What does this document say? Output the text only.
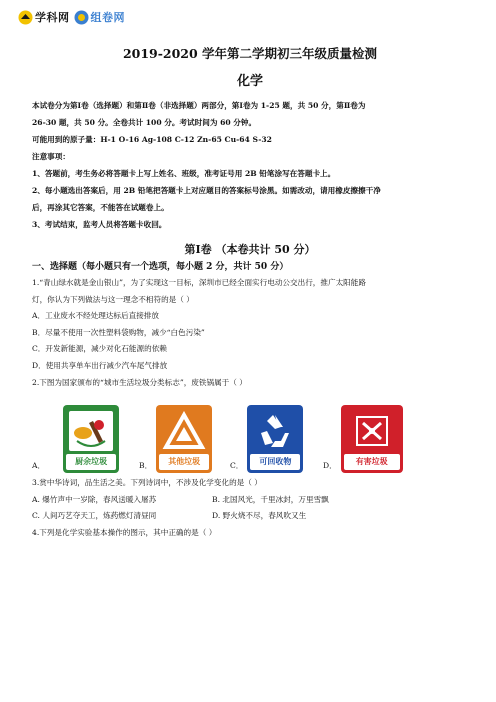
学科网 组卷网
2019-2020 学年第二学期初三年级质量检测
化学
本试卷分为第Ⅰ卷（选择题）和第Ⅱ卷（非选择题）两部分，第Ⅰ卷为 1-25 题，共 50 分，第Ⅱ卷为
26-30 题，共 50 分。全卷共计 100 分。考试时间为 60 分钟。
可能用到的原子量：H-1 O-16 Ag-108 C-12 Zn-65 Cu-64 S-32
注意事项：
1、答题前，考生务必将答题卡上写上姓名、班级，准考证号用 2B 铅笔涂写在答题卡上。
2、每小题选出答案后，用 2B 铅笔把答题卡上对应题目的答案标号涂黑。如需改动，请用橡皮擦擦干净
后，再涂其它答案，不能答在试题卷上。
3、考试结束，监考人员将答题卡收回。
第Ⅰ卷 （本卷共计 50 分）
一、选择题（每小题只有一个选项，每小题 2 分，共计 50 分）
1.“青山绿水就是金山银山”，为了实现这一目标，深圳市已经全面实行电动公交出行，推广太阳能路
灯，你认为下列做法与这一理念不相符的是（ ）
A．工业废水不经处理达标后直接排放
B．尽量不使用一次性塑料袋购物，减少“白色污染”
C．开发新能源，减少对化石能源的依赖
D．使用共享单车出行减少汽车尾气排放
2.下图为国家颁布的“城市生活垃圾分类标志”，废铁锅属于（ ）
A．	厨余垃圾	B．	其他垃圾	C．	可回收物	D．	有害垃圾
3.赏中华诗词，品生活之美。下列诗词中，不涉及化学变化的是（ ）
A. 爆竹声中一岁除，春风送暖入屠苏	B. 北国风光，千里冰封，万里雪飘
C. 人间巧艺夺天工，炼药燃灯清昼同	D. 野火烧不尽，春风吹又生
4.下列是化学实验基本操作的图示，其中正确的是（ ）
